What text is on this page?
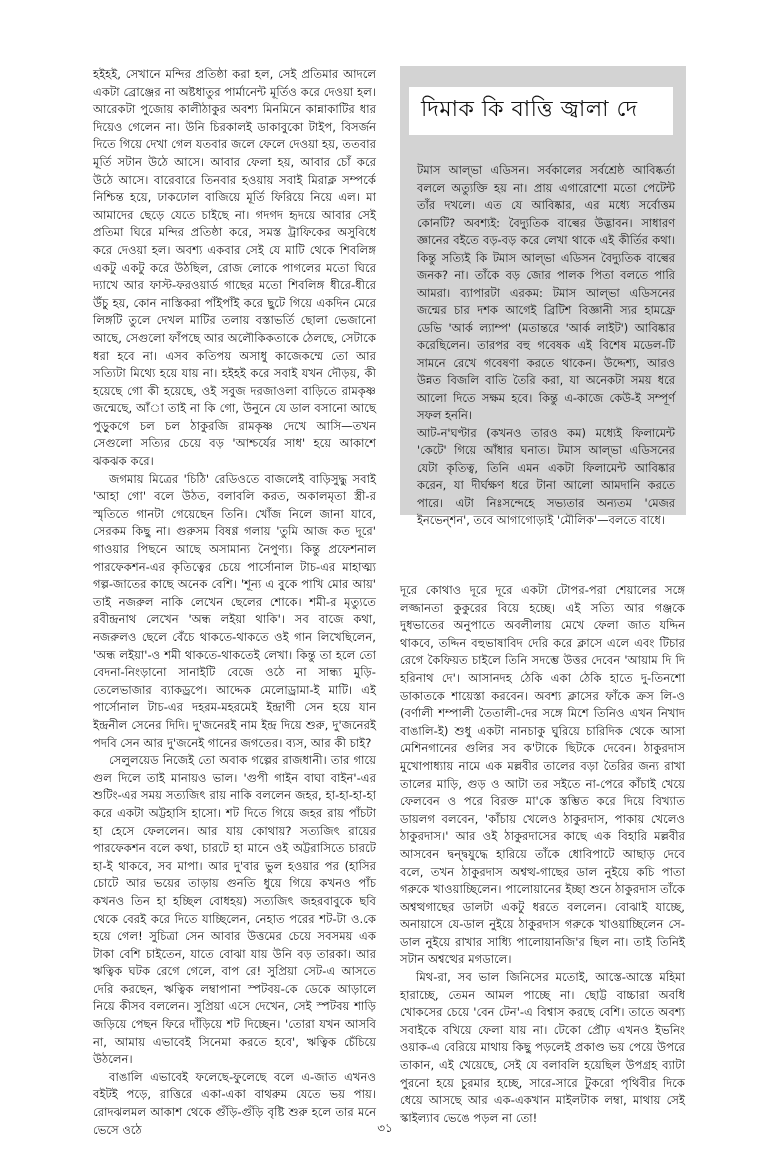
হইহই, সেখানে মন্দির প্রতিষ্ঠা করা হল, সেই প্রতিমার আদলে একটা ব্রোঞ্জের না অষ্টধাতুর পার্মানেন্ট মূর্তিও করে দেওয়া হল। আরেকটা পুজোয় কালীঠাকুর অবশ্য মিনমিনে কান্নাকাটির ধার দিয়েও গেলেন না। উনি চিরকালই ডাকাবুকো টাইপ, বিসর্জন দিতে গিয়ে দেখা গেল যতবার জলে ফেলে দেওয়া হয়, ততবার মূর্তি সটান উঠে আসে। আবার ফেলা হয়, আবার চোঁ করে উঠে আসে। বারেবারে তিনবার হওয়ায় সবাই মিরাক্ল সম্পর্কে নিশ্চিন্ত হয়ে, ঢাকঢোল বাজিয়ে মূর্তি ফিরিয়ে নিয়ে এল। মা আমাদের ছেড়ে যেতে চাইছে না। গদগদ হৃদয়ে আবার সেই প্রতিমা ঘিরে মন্দির প্রতিষ্ঠা করে, সমস্ত ট্রাফিকের অসুবিধে করে দেওয়া হল। অবশ্য একবার সেই যে মাটি থেকে শিবলিঙ্গ একটু একটু করে উঠছিল, রোজ লোকে পাগলের মতো ঘিরে দ্যাখে আর ফাস্ট-ফরওয়ার্ড গাছের মতো শিবলিঙ্গ ধীরে-ধীরে উঁচু হয়, কোন নাস্তিকরা পাঁইপাঁই করে ছুটে গিয়ে একদিন মেরে লিঙ্গটি তুলে দেখল মাটির তলায় বস্তাভর্তি ছোলা ভেজানো আছে, সেগুলো ফাঁপছে আর অলৌকিকতাকে ঠেলছে, সেটাকে ধরা হবে না। এসব কতিপয় অসাধু কাজেকম্মে তো আর সত্যিটা মিথ্যে হয়ে যায় না। হইহই করে সবাই যখন দৌড়য়, কী হয়েছে গো কী হয়েছে, ওই সবুজ দরজাওলা বাড়িতে রামকৃষ্ণ জন্মেছে, আঁা তাই না কি গো, উনুনে যে ডাল বসানো আছে পুড়ুকগে চল চল ঠাকুরজি রামকৃষ্ণ দেখে আসি—তখন সেগুলো সত্যির চেয়ে বড় 'আশ্চর্যের সাধ' হয়ে আকাশে ঝকঝক করে।

জগমায় মিত্রের 'চিঠি' রেডিওতে বাজলেই বাড়িসুদ্ধু সবাই 'আহা গো' বলে উঠত, বলাবলি করত, অকালমৃতা স্ত্রী-র স্মৃতিতে গানটা গেয়েছেন তিনি। খোঁজ নিলে জানা যাবে, সেরকম কিছু না। গুরুসম বিষণ্ণ গলায় 'তুমি আজ কত দূরে' গাওয়ার পিছনে আছে অসামান্য নৈপুণ্য। কিন্তু প্রফেশনাল পারফেকশন-এর কৃতিত্বের চেয়ে পার্সোনাল টাচ-এর মাহাত্ম্য গল্প-জাতের কাছে অনেক বেশি। 'শূন্য এ বুকে পাখি মোর আয়' তাই নজরুল নাকি লেখেন ছেলের শোকে। শমী-র মৃত্যুতে রবীন্দ্রনাথ লেখেন 'অন্ধ লইয়া থাকি'। সব বাজে কথা, নজরুলও ছেলে বেঁচে থাকতে-থাকতে ওই গান লিখেছিলেন, 'অন্ধ লইয়া'-ও শমী থাকতে-থাকতেই লেখা। কিন্তু তা হলে তো বেদনা-নিংড়ানো সানাইটি বেজে ওঠে না সান্ধ্য মুড়ি-তেলেভাজার ব্যাকড্রপে। আদ্দেক মেলোড্রামা-ই মাটি। এই পার্সোনাল টাচ-এর দহরম-মহরমেই ইন্দ্রাণী সেন হয়ে যান ইন্দ্রনীল সেনের দিদি। দু'জনেরই নাম ইন্দ্র দিয়ে শুরু, দু'জনেরই পদবি সেন আর দু'জনেই গানের জগতের। ব্যস, আর কী চাই?

সেলুলয়েড নিজেই তো অবাক গল্পের রাজধানী। তার গায়ে গুল দিলে তাই মানায়ও ভাল। 'গুপী গাইন বাঘা বাইন'-এর শুটিং-এর সময় সত্যজিৎ রায় নাকি বললেন জহর, হা-হা-হা-হা করে একটা অট্টহাসি হাসো। শট দিতে গিয়ে জহর রায় পাঁচটা হা হেসে ফেললেন। আর যায় কোথায়? সত্যজিৎ রায়ের পারফেকশন বলে কথা, চারটে হা মানে ওই অট্টরাসিতে চারটে হা-ই থাকবে, সব মাপা। আর দু'বার ভুল হওয়ার পর (হাসির চোটে আর ভয়ের তাড়ায় গুনতি ধুয়ে গিয়ে কখনও পাঁচ কখনও তিন হা হচ্ছিল বোধহয়) সত্যজিৎ জহরবাবুকে ছবি থেকে বেরই করে দিতে যাচ্ছিলেন, নেহাত পরের শট-টা ও.কে হয়ে গেল! সুচিত্রা সেন আবার উত্তমের চেয়ে সবসময় এক টাকা বেশি চাইতেন, যাতে বোঝা যায় উনি বড় তারকা। আর ঋত্বিক ঘটক রেগে গেলে, বাপ রে! সুপ্রিয়া সেট-এ আসতে দেরি করছেন, ঋত্বিক লম্বাপানা স্পটবয়-কে ডেকে আড়ালে নিয়ে কীসব বললেন। সুপ্রিয়া এসে দেখেন, সেই স্পটবয় শাড়ি জড়িয়ে পেছন ফিরে দাঁড়িয়ে শট দিচ্ছেন। 'তোরা যখন আসবি না, আমায় এভাবেই সিনেমা করতে হবে', ঋত্বিক চেঁচিয়ে উঠলেন।

বাঙালি এভাবেই ফলেছে-ফুলেছে বলে এ-জাত এখনও বইটই পড়ে, রাত্তিরে একা-একা বাথরুম যেতে ভয় পায়। রোদঝলমল আকাশ থেকে গুঁড়ি-গুঁড়ি বৃষ্টি শুরু হলে তার মনে ভেসে ওঠে

দিমাক কি বাত্তি জ্বালা দে

টমাস আল্‌ভা এডিসন। সর্বকালের সর্বশ্রেষ্ঠ আবিষ্কর্তা বললে অত্যুক্তি হয় না। প্রায় এগারোশো মতো পেটেন্ট তাঁর দখলে। এত যে আবিষ্কার, এর মধ্যে সর্বোত্তম কোনটি? অবশ্যই: বৈদ্যুতিক বাল্বের উদ্ভাবন। সাধারণ জ্ঞানের বইতে বড়-বড় করে লেখা থাকে এই কীর্তির কথা। কিন্তু সত্যিই কি টমাস আল্‌ভা এডিসন বৈদ্যুতিক বাল্বের জনক? না। তাঁকে বড় জোর পালক পিতা বলতে পারি আমরা। ব্যাপারটা এরকম: টমাস আল্‌ভা এডিসনের জন্মের চার দশক আগেই ব্রিটিশ বিজ্ঞানী স্যর হামফ্রে ডেভি 'আর্ক ল্যাম্প' (মতান্তরে 'আর্ক লাইট') আবিষ্কার করেছিলেন। তারপর বহু গবেষক এই বিশেষ মডেল-টি সামনে রেখে গবেষণা করতে থাকেন। উদ্দেশ্য, আরও উন্নত বিজলি বাতি তৈরি করা, যা অনেকটা সময় ধরে আলো দিতে সক্ষম হবে। কিন্তু এ-কাজে কেউ-ই সম্পূর্ণ সফল হননি।

আট-ন'ঘণ্টার (কখনও তারও কম) মধ্যেই ফিলামেন্ট 'কেটে' গিয়ে আঁধার ঘনাত। টমাস আল্‌ভা এডিসনের যেটা কৃতিত্ব, তিনি এমন একটা ফিলামেন্ট আবিষ্কার করেন, যা দীর্ঘক্ষণ ধরে টানা আলো আমদানি করতে পারে। এটা নিঃসন্দেহে সভ্যতার অন্যতম 'মেজর ইনভেন্‌শন', তবে আগাগোড়াই 'মৌলিক'—বলতে বাধে।

দূরে কোথাও দূরে দূরে একটা টোপর-পরা শেয়ালের সঙ্গে লজ্জানতা কুকুরের বিয়ে হচ্ছে। এই সত্যি আর গঞ্জকে দুধভাতের অনুপাতে অবলীলায় মেখে ফেলা জাত যদ্দিন থাকবে, তদ্দিন বহুভাষাবিদ দেরি করে ক্লাসে এলে এবং টিচার রেগে কৈফিয়ত চাইলে তিনি সদম্ভে উত্তর দেবেন 'আয়াম দি দি হরিনাথ দে'। আসানদহ ঠেকি একা ঠেকি হাতে দু-তিনশো ডাকাতকে শায়েস্তা করবেন। অবশ্য ক্লাসের ফাঁকে ক্রস লি-ও (বর্ণালী শম্পালী তৈতালী-দের সঙ্গে মিশে তিনিও এখন নিখাদ বাঙালি-ই) শুধু একটা নানচাকু ঘুরিয়ে চারিদিক থেকে আসা মেশিনগানের গুলির সব ক'টাকে ছিটকে দেবেন। ঠাকুরদাস মুখোপাধ্যায় নামে এক মল্লবীর তালের বড়া তৈরির জন্য রাখা তালের মাড়ি, গুড় ও আটা তর সইতে না-পেরে কাঁচাই খেয়ে ফেলবেন ও পরে বিরক্ত মা'কে স্তম্ভিত করে দিয়ে বিখ্যাত ডায়লগ বলবেন, 'কাঁচায় খেলেও ঠাকুরদাস, পাকায় খেলেও ঠাকুরদাস।' আর ওই ঠাকুরদাসের কাছে এক বিহারি মল্লবীর আসবেন দ্বন্দ্বযুদ্ধে হারিয়ে তাঁকে ধোবিপাটে আছাড় দেবে বলে, তখন ঠাকুরদাস অশ্বত্থ-গাছের ডাল নুইয়ে কচি পাতা গরুকে খাওয়াচ্ছিলেন। পালোয়ানের ইচ্ছা শুনে ঠাকুরদাস তাঁকে অশ্বত্থগাছের ডালটা একটু ধরতে বললেন। বোঝাই যাচ্ছে, অনায়াসে যে-ডাল নুইয়ে ঠাকুরদাস গরুকে খাওয়াচ্ছিলেন সে-ডাল নুইয়ে রাখার সাধ্যি পালোয়ানজি'র ছিল না। তাই তিনিই সটান অশ্বত্থের মগডালে।

মিথ-রা, সব ভাল জিনিসের মতোই, আস্তে-আস্তে মহিমা হারাচ্ছে, তেমন আমল পাচ্ছে না। ছোট্ট বাচ্চারা অবধি খোকসের চেয়ে 'বেন টেন'-এ বিশ্বাস করছে বেশি। তাতে অবশ্য সবাইকে বখিয়ে ফেলা যায় না। টেকো প্রৌঢ় এখনও ইভনিং ওয়াক-এ বেরিয়ে মাথায় কিছু পড়লেই প্রকাণ্ড ভয় পেয়ে উপরে তাকান, এই খেয়েছে, সেই যে বলাবলি হয়েছিল উপগ্রহ ব্যাটা পুরনো হয়ে চুরমার হচ্ছে, সারে-সারে টুকরো পৃথিবীর দিকে ধেয়ে আসছে আর এক-একখান মাইলটাক লম্বা, মাথায় সেই স্কাইল্যাব ভেঙে পড়ল না তো!

৩১
